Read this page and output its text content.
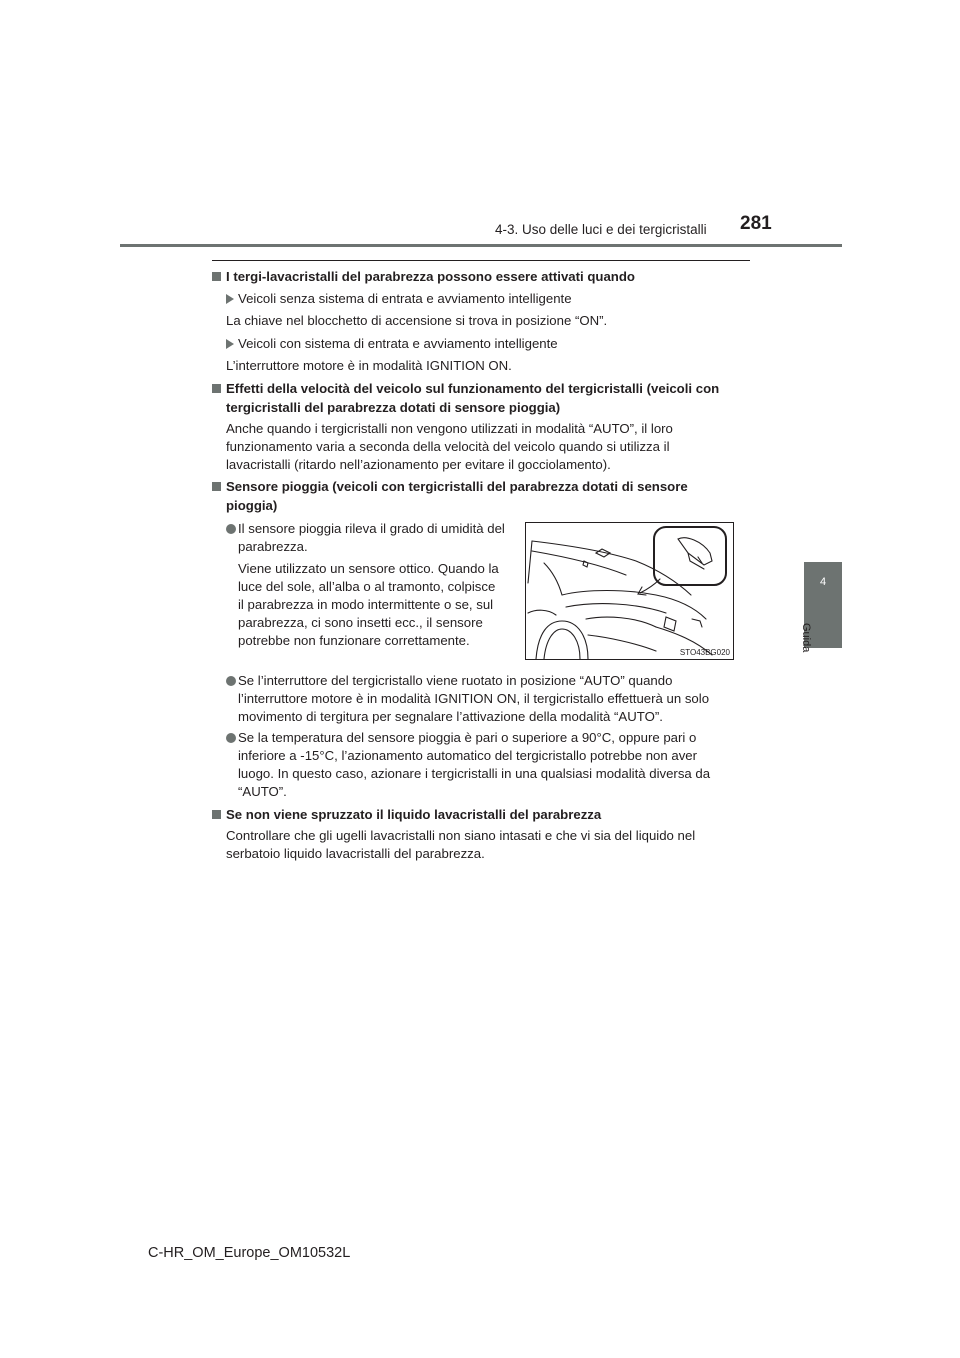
4-3. Uso delle luci e dei tergicristalli 281
4
Guida
I tergi-lavacristalli del parabrezza possono essere attivati quando
Veicoli senza sistema di entrata e avviamento intelligente
La chiave nel blocchetto di accensione si trova in posizione “ON”.
Veicoli con sistema di entrata e avviamento intelligente
L’interruttore motore è in modalità IGNITION ON.
Effetti della velocità del veicolo sul funzionamento del tergicristalli (veicoli con
tergicristalli del parabrezza dotati di sensore pioggia)
Anche quando i tergicristalli non vengono utilizzati in modalità “AUTO”, il loro
funzionamento varia a seconda della velocità del veicolo quando si utilizza il
lavacristalli (ritardo nell’azionamento per evitare il gocciolamento).
Sensore pioggia (veicoli con tergicristalli del parabrezza dotati di sensore
pioggia)
Il sensore pioggia rileva il grado di umidità del
parabrezza.
Viene utilizzato un sensore ottico. Quando la
luce del sole, all’alba o al tramonto, colpisce
il parabrezza in modo intermittente o se, sul
parabrezza, ci sono insetti ecc., il sensore
potrebbe non funzionare correttamente.
STO43BG020
Se l’interruttore del tergicristallo viene ruotato in posizione “AUTO” quando
l’interruttore motore è in modalità IGNITION ON, il tergicristallo effettuerà un solo
movimento di tergitura per segnalare l’attivazione della modalità “AUTO”.
Se la temperatura del sensore pioggia è pari o superiore a 90°C, oppure pari o
inferiore a -15°C, l’azionamento automatico del tergicristallo potrebbe non aver
luogo. In questo caso, azionare i tergicristalli in una qualsiasi modalità diversa da
“AUTO”.
Se non viene spruzzato il liquido lavacristalli del parabrezza
Controllare che gli ugelli lavacristalli non siano intasati e che vi sia del liquido nel
serbatoio liquido lavacristalli del parabrezza.
C-HR_OM_Europe_OM10532L
